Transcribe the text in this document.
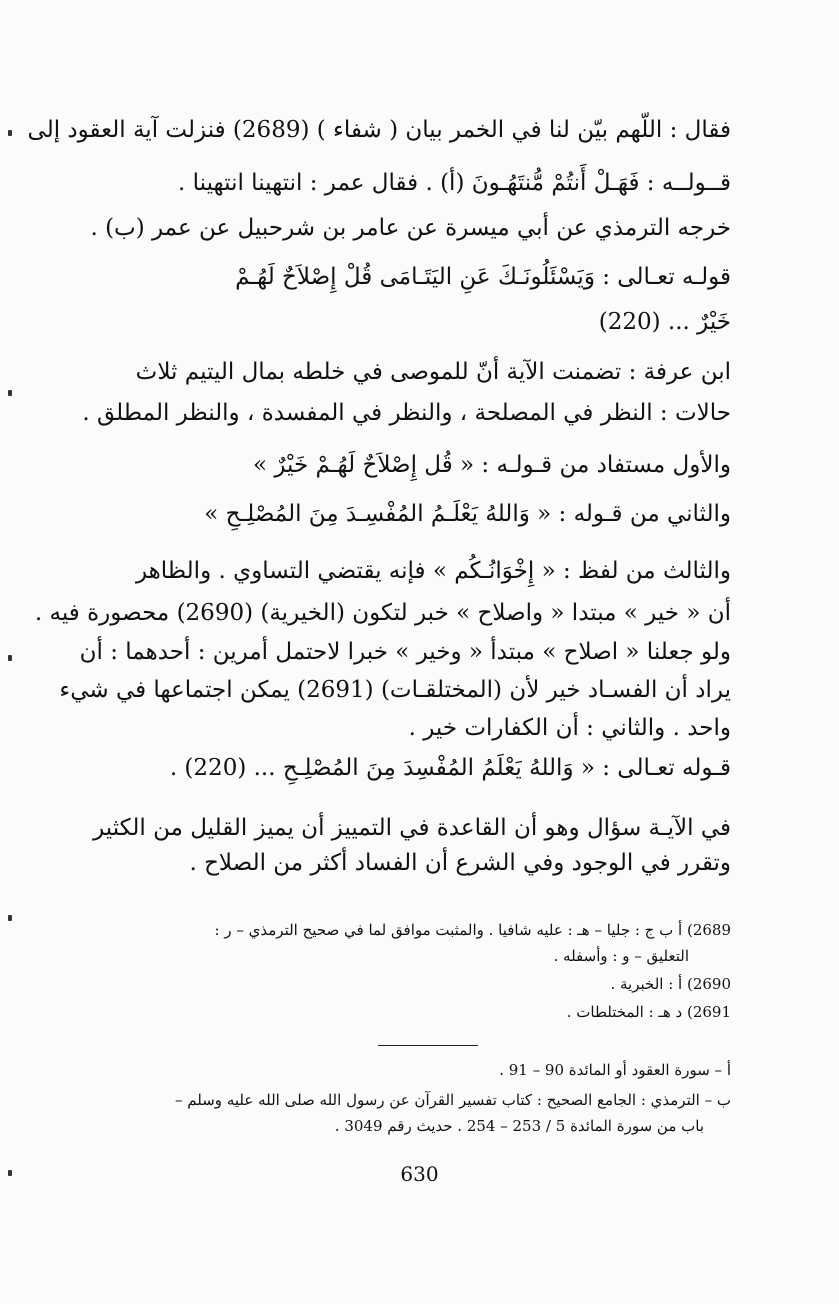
فقال : اللّهم بيّن لنا في الخمر بيان ( شفاء ) (2689) فنزلت آية العقود إلى
قــولــه : فَهَـلْ أَنتُمْ مُّنتَهُـونَ (أ) . فقال عمر : انتهينا انتهينا .
خرجه الترمذي عن أبي ميسرة عن عامر بن شرحبيل عن عمر (ب) .
قولـه تعـالى : وَيَسْئَلُونَـكَ عَنِ اليَتَـامَى قُلْ إِصْلاَحٌ لَهُـمْ
خَيْرٌ ... (220)
ابن عرفة : تضمنت الآية أنّ للموصى في خلطه بمال اليتيم ثلاث
حالات : النظر في المصلحة ، والنظر في المفسدة ، والنظر المطلق .
والأول مستفاد من قـولـه : « قُل إِصْلاَحٌ لَهُـمْ خَيْرٌ »
والثاني من قـوله : « وَاللهُ يَعْلَـمُ المُفْسِـدَ مِنَ المُصْلِـحِ »
والثالث من لفظ : « إِخْوَانُـكُم » فإنه يقتضي التساوي . والظاهر
أن « خير » مبتدا « واصلاح » خبر لتكون (الخيرية) (2690) محصورة فيه .
ولو جعلنا « اصلاح » مبتدأ « وخير » خبرا لاحتمل أمرين : أحدهما : أن
يراد أن الفسـاد خير لأن (المختلقـات) (2691) يمكن اجتماعها في شيء
واحد . والثاني : أن الكفارات خير .
قـوله تعـالى : « وَاللهُ يَعْلَمُ المُفْسِدَ مِنَ المُصْلِـحِ ... (220) .
في الآيـة سؤال وهو أن القاعدة في التمييز أن يميز القليل من الكثير
وتقرر في الوجود وفي الشرع أن الفساد أكثر من الصلاح .
2689) أ ب ج : جليا – هـ : عليه شافيا . والمثبت موافق لما في صحيح الترمذي – ر :
التعليق – و : وأسفله .
2690) أ : الخبرية .
2691) د هـ : المختلطات .
أ – سورة العقود أو المائدة 90 – 91 .
ب – الترمذي : الجامع الصحيح : كتاب تفسير القرآن عن رسول الله صلى الله عليه وسلم –
باب من سورة المائدة 5 / 253 – 254 . حديث رقم 3049 .
630
